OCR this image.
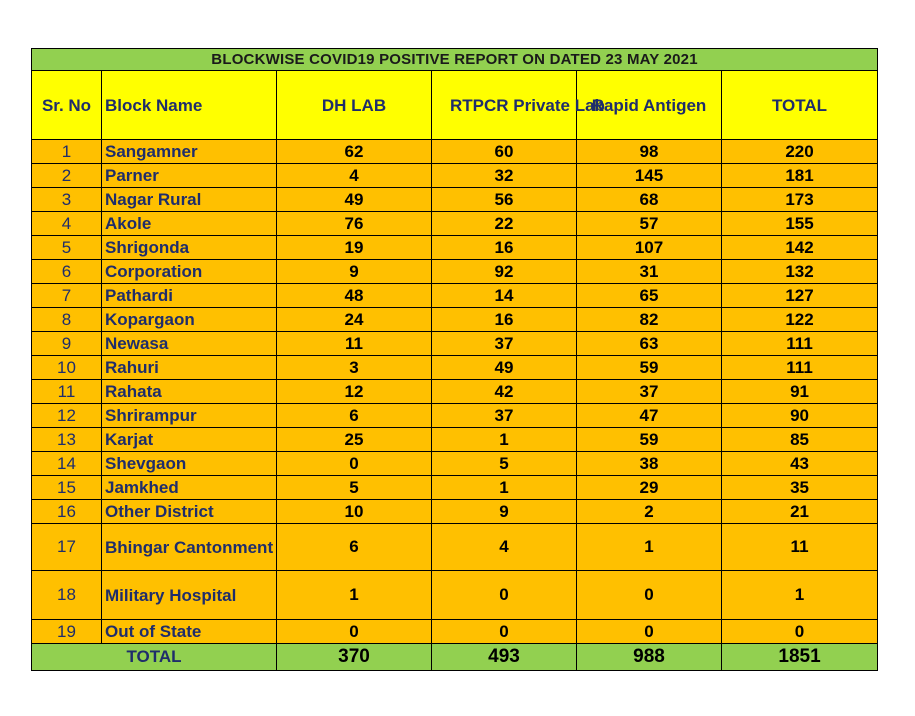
BLOCKWISE COVID19 POSITIVE REPORT ON DATED 23 MAY 2021					
Sr. No	Block Name	DH LAB	RTPCR Private Lab	Rapid Antigen	TOTAL
1	Sangamner	62	60	98	220
2	Parner	4	32	145	181
3	Nagar Rural	49	56	68	173
4	Akole	76	22	57	155
5	Shrigonda	19	16	107	142
6	Corporation	9	92	31	132
7	Pathardi	48	14	65	127
8	Kopargaon	24	16	82	122
9	Newasa	11	37	63	111
10	Rahuri	3	49	59	111
11	Rahata	12	42	37	91
12	Shrirampur	6	37	47	90
13	Karjat	25	1	59	85
14	Shevgaon	0	5	38	43
15	Jamkhed	5	1	29	35
16	Other District	10	9	2	21
17	Bhingar Cantonment	6	4	1	11
18	Military Hospital	1	0	0	1
19	Out of State	0	0	0	0
TOTAL		370	493	988	1851
